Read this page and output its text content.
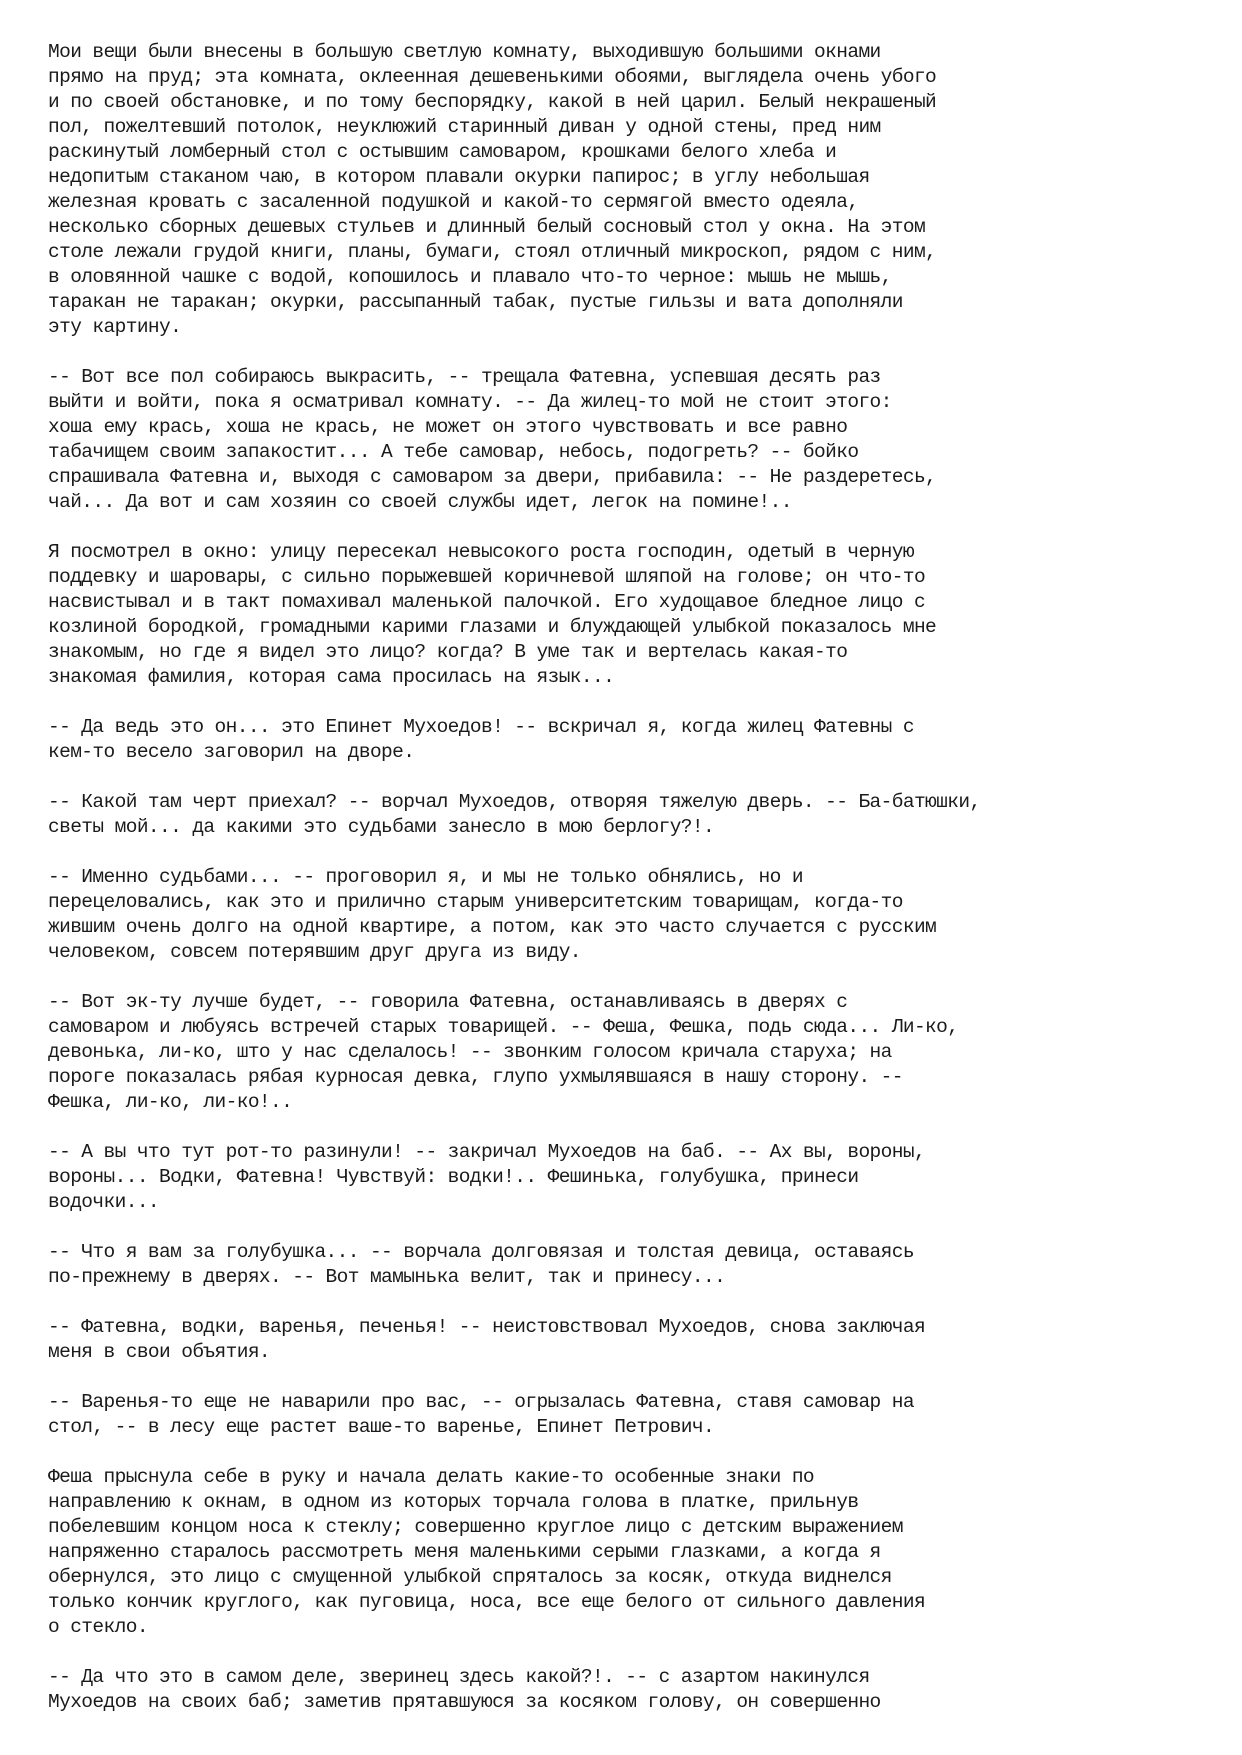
Мои вещи были внесены в большую светлую комнату, выходившую большими окнами
прямо на пруд; эта комната, оклеенная дешевенькими обоями, выглядела очень убого
и по своей обстановке, и по тому беспорядку, какой в ней царил. Белый некрашеный
пол, пожелтевший потолок, неуклюжий старинный диван у одной стены, пред ним
раскинутый ломберный стол с остывшим самоваром, крошками белого хлеба и
недопитым стаканом чаю, в котором плавали окурки папирос; в углу небольшая
железная кровать с засаленной подушкой и какой-то сермягой вместо одеяла,
несколько сборных дешевых стульев и длинный белый сосновый стол у окна. На этом
столе лежали грудой книги, планы, бумаги, стоял отличный микроскоп, рядом с ним,
в оловянной чашке с водой, копошилось и плавало что-то черное: мышь не мышь,
таракан не таракан; окурки, рассыпанный табак, пустые гильзы и вата дополняли
эту картину.
-- Вот все пол собираюсь выкрасить, -- трещала Фатевна, успевшая десять раз
выйти и войти, пока я осматривал комнату. -- Да жилец-то мой не стоит этого:
хоша ему крась, хоша не крась, не может он этого чувствовать и все равно
табачищем своим запакостит... А тебе самовар, небось, подогреть? -- бойко
спрашивала Фатевна и, выходя с самоваром за двери, прибавила: -- Не раздеретесь,
чай... Да вот и сам хозяин со своей службы идет, легок на помине!..
Я посмотрел в окно: улицу пересекал невысокого роста господин, одетый в черную
поддевку и шаровары, с сильно порыжевшей коричневой шляпой на голове; он что-то
насвистывал и в такт помахивал маленькой палочкой. Его худощавое бледное лицо с
козлиной бородкой, громадными карими глазами и блуждающей улыбкой показалось мне
знакомым, но где я видел это лицо? когда? В уме так и вертелась какая-то
знакомая фамилия, которая сама просилась на язык...
-- Да ведь это он... это Епинет Мухоедов! -- вскричал я, когда жилец Фатевны с
кем-то весело заговорил на дворе.
-- Какой там черт приехал? -- ворчал Мухоедов, отворяя тяжелую дверь. -- Ба-батюшки,
светы мой... да какими это судьбами занесло в мою берлогу?!.
-- Именно судьбами... -- проговорил я, и мы не только обнялись, но и
перецеловались, как это и прилично старым университетским товарищам, когда-то
жившим очень долго на одной квартире, а потом, как это часто случается с русским
человеком, совсем потерявшим друг друга из виду.
-- Вот эк-ту лучше будет, -- говорила Фатевна, останавливаясь в дверях с
самоваром и любуясь встречей старых товарищей. -- Феша, Фешка, подь сюда... Ли-ко,
девонька, ли-ко, што у нас сделалось! -- звонким голосом кричала старуха; на
пороге показалась рябая курносая девка, глупо ухмылявшаяся в нашу сторону. --
Фешка, ли-ко, ли-ко!..
-- А вы что тут рот-то разинули! -- закричал Мухоедов на баб. -- Ах вы, вороны,
вороны... Водки, Фатевна! Чувствуй: водки!.. Фешинька, голубушка, принеси
водочки...
-- Что я вам за голубушка... -- ворчала долговязая и толстая девица, оставаясь
по-прежнему в дверях. -- Вот мамынька велит, так и принесу...
-- Фатевна, водки, варенья, печенья! -- неистовствовал Мухоедов, снова заключая
меня в свои объятия.
-- Варенья-то еще не наварили про вас, -- огрызалась Фатевна, ставя самовар на
стол, -- в лесу еще растет ваше-то варенье, Епинет Петрович.
Феша прыснула себе в руку и начала делать какие-то особенные знаки по
направлению к окнам, в одном из которых торчала голова в платке, прильнув
побелевшим концом носа к стеклу; совершенно круглое лицо с детским выражением
напряженно старалось рассмотреть меня маленькими серыми глазками, а когда я
обернулся, это лицо с смущенной улыбкой спряталось за косяк, откуда виднелся
только кончик круглого, как пуговица, носа, все еще белого от сильного давления
о стекло.
-- Да что это в самом деле, зверинец здесь какой?!. -- с азартом накинулся
Мухоедов на своих баб; заметив прятавшуюся за косяком голову, он совершенно
